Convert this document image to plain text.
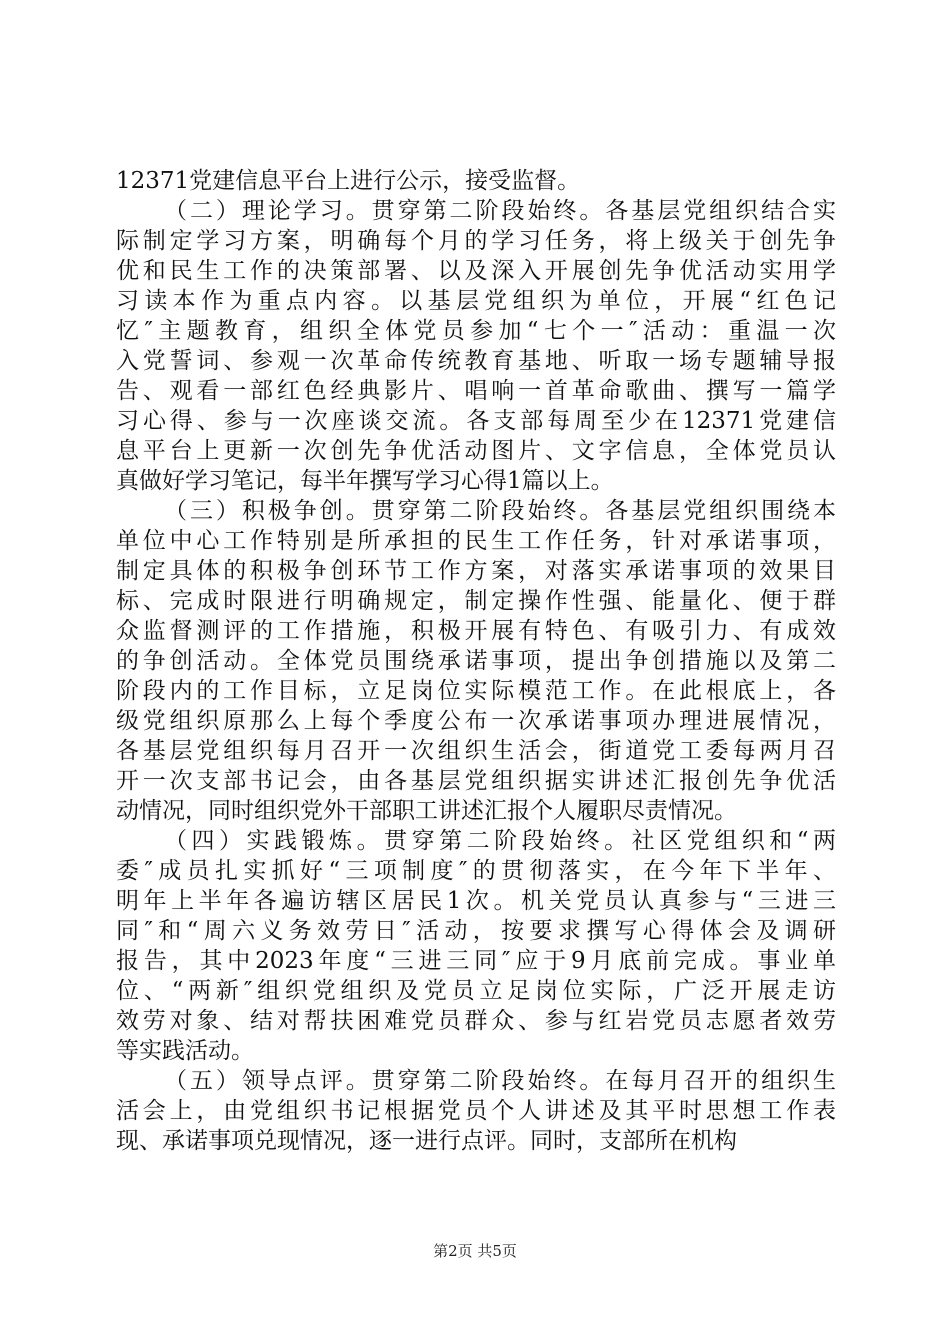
12371党建信息平台上进行公示，接受监督。
（二）理论学习。贯穿第二阶段始终。各基层党组织结合实
际制定学习方案，明确每个月的学习任务，将上级关于创先争
优和民生工作的决策部署、以及深入开展创先争优活动实用学
习读本作为重点内容。以基层党组织为单位，开展“红色记
忆″主题教育，组织全体党员参加“七个一″活动：重温一次
入党誓词、参观一次革命传统教育基地、听取一场专题辅导报
告、观看一部红色经典影片、唱响一首革命歌曲、撰写一篇学
习心得、参与一次座谈交流。各支部每周至少在12371党建信
息平台上更新一次创先争优活动图片、文字信息，全体党员认
真做好学习笔记，每半年撰写学习心得1篇以上。
（三）积极争创。贯穿第二阶段始终。各基层党组织围绕本
单位中心工作特别是所承担的民生工作任务，针对承诺事项，
制定具体的积极争创环节工作方案，对落实承诺事项的效果目
标、完成时限进行明确规定，制定操作性强、能量化、便于群
众监督测评的工作措施，积极开展有特色、有吸引力、有成效
的争创活动。全体党员围绕承诺事项，提出争创措施以及第二
阶段内的工作目标，立足岗位实际模范工作。在此根底上，各
级党组织原那么上每个季度公布一次承诺事项办理进展情况，
各基层党组织每月召开一次组织生活会，街道党工委每两月召
开一次支部书记会，由各基层党组织据实讲述汇报创先争优活
动情况，同时组织党外干部职工讲述汇报个人履职尽责情况。
（四）实践锻炼。贯穿第二阶段始终。社区党组织和“两
委″成员扎实抓好“三项制度″的贯彻落实，在今年下半年、
明年上半年各遍访辖区居民1次。机关党员认真参与“三进三
同″和“周六义务效劳日″活动，按要求撰写心得体会及调研
报告，其中2023年度“三进三同″应于9月底前完成。事业单
位、“两新″组织党组织及党员立足岗位实际，广泛开展走访
效劳对象、结对帮扶困难党员群众、参与红岩党员志愿者效劳
等实践活动。
（五）领导点评。贯穿第二阶段始终。在每月召开的组织生
活会上，由党组织书记根据党员个人讲述及其平时思想工作表
现、承诺事项兑现情况，逐一进行点评。同时，支部所在机构
第2页 共5页
